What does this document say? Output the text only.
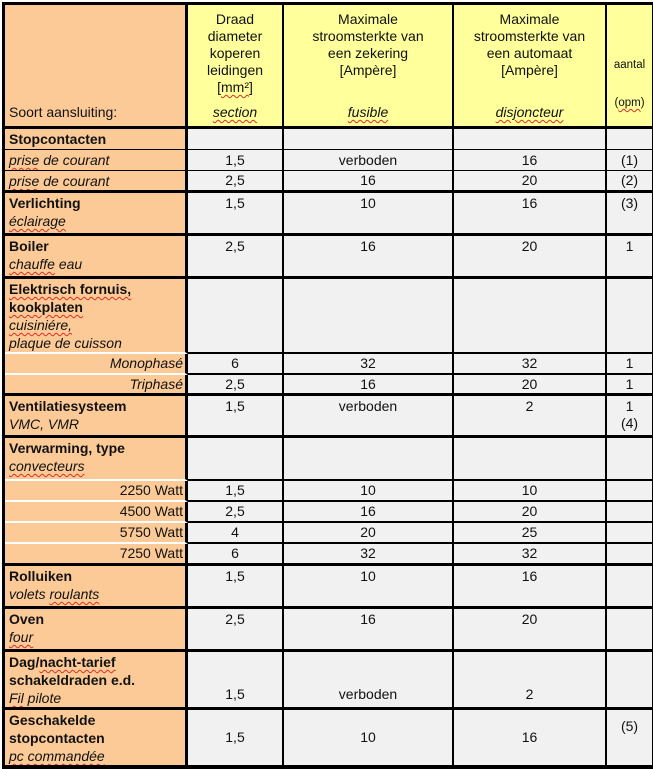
Soort aansluiting:	Draad
diameter
koperen
leidingen
[mm²]
section
	Maximale
stroomsterkte van
een zekering
[Ampère]
fusible
	Maximale
stroomsterkte van
een automaat
[Ampère]
disjoncteur

aantal
(opm)

Stopcontacten				
prise de courant	1,5	verboden	16	(1)
prise de courant	2,5	16	20	(2)
Verlichting
éclairage	1,5	10	16	(3)
Boiler
chauffe eau	2,5	16	20	1
Elektrisch fornuis,
kookplaten
cuisiniére,
plaque de cuisson				
Monophasé	6	32	32	1
Triphasé	2,5	16	20	1
Ventilatiesysteem
VMC, VMR	1,5	verboden	2	1
(4)
Verwarming, type
convecteurs				
2250 Watt	1,5	10	10	
4500 Watt	2,5	16	20	
5750 Watt	4	20	25	
7250 Watt	6	32	32	
Rolluiken
volets roulants	1,5	10	16	
Oven
four	2,5	16	20	
Dag/nacht-tarief
schakeldraden e.d.
Fil pilote	1,5	verboden	2	
Geschakelde
stopcontacten
pc commandée	1,5	10	16	(5)
